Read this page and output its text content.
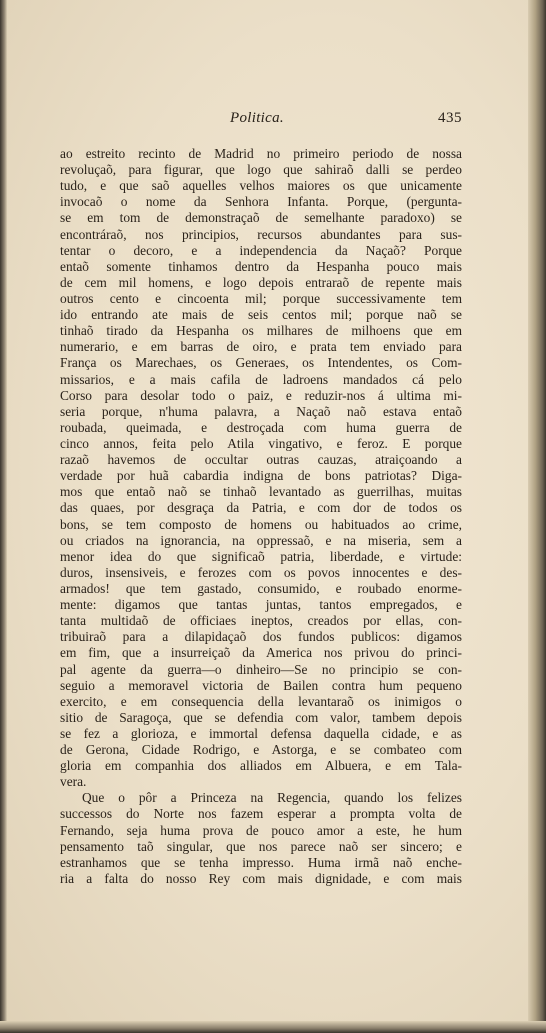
Politica.	435
ao estreito recinto de Madrid no primeiro periodo de nossa
revoluçaõ, para figurar, que logo que sahiraõ dalli se perdeo
tudo, e que saõ aquelles velhos maiores os que unicamente
invocaõ o nome da Senhora Infanta. Porque, (pergunta-
se em tom de demonstraçaõ de semelhante paradoxo) se
encontráraõ, nos principios, recursos abundantes para sus-
tentar o decoro, e a independencia da Naçaõ? Porque
entaõ somente tinhamos dentro da Hespanha pouco mais
de cem mil homens, e logo depois entraraõ de repente mais
outros cento e cincoenta mil; porque successivamente tem
ido entrando ate mais de seis centos mil; porque naõ se
tinhaõ tirado da Hespanha os milhares de milhoens que em
numerario, e em barras de oiro, e prata tem enviado para
França os Marechaes, os Generaes, os Intendentes, os Com-
missarios, e a mais cafila de ladroens mandados cá pelo
Corso para desolar todo o paiz, e reduzir-nos á ultima mi-
seria porque, n'huma palavra, a Naçaõ naõ estava entaõ
roubada, queimada, e destroçada com huma guerra de
cinco annos, feita pelo Atila vingativo, e feroz. E porque
razaõ havemos de occultar outras cauzas, atraiçoando a
verdade por huã cabardia indigna de bons patriotas? Diga-
mos que entaõ naõ se tinhaõ levantado as guerrilhas, muitas
das quaes, por desgraça da Patria, e com dor de todos os
bons, se tem composto de homens ou habituados ao crime,
ou criados na ignorancia, na oppressaõ, e na miseria, sem a
menor idea do que significaõ patria, liberdade, e virtude:
duros, insensiveis, e ferozes com os povos innocentes e des-
armados! que tem gastado, consumido, e roubado enorme-
mente: digamos que tantas juntas, tantos empregados, e
tanta multidaõ de officiaes ineptos, creados por ellas, con-
tribuiraõ para a dilapidaçaõ dos fundos publicos: digamos
em fim, que a insurreiçaõ da America nos privou do princi-
pal agente da guerra—o dinheiro—Se no principio se con-
seguio a memoravel victoria de Bailen contra hum pequeno
exercito, e em consequencia della levantaraõ os inimigos o
sitio de Saragoça, que se defendia com valor, tambem depois
se fez a glorioza, e immortal defensa daquella cidade, e as
de Gerona, Cidade Rodrigo, e Astorga, e se combateo com
gloria em companhia dos alliados em Albuera, e em Tala-
vera.
Que o pôr a Princeza na Regencia, quando los felizes
successos do Norte nos fazem esperar a prompta volta de
Fernando, seja huma prova de pouco amor a este, he hum
pensamento taõ singular, que nos parece naõ ser sincero; e
estranhamos que se tenha impresso. Huma irmã naõ enche-
ria a falta do nosso Rey com mais dignidade, e com mais
